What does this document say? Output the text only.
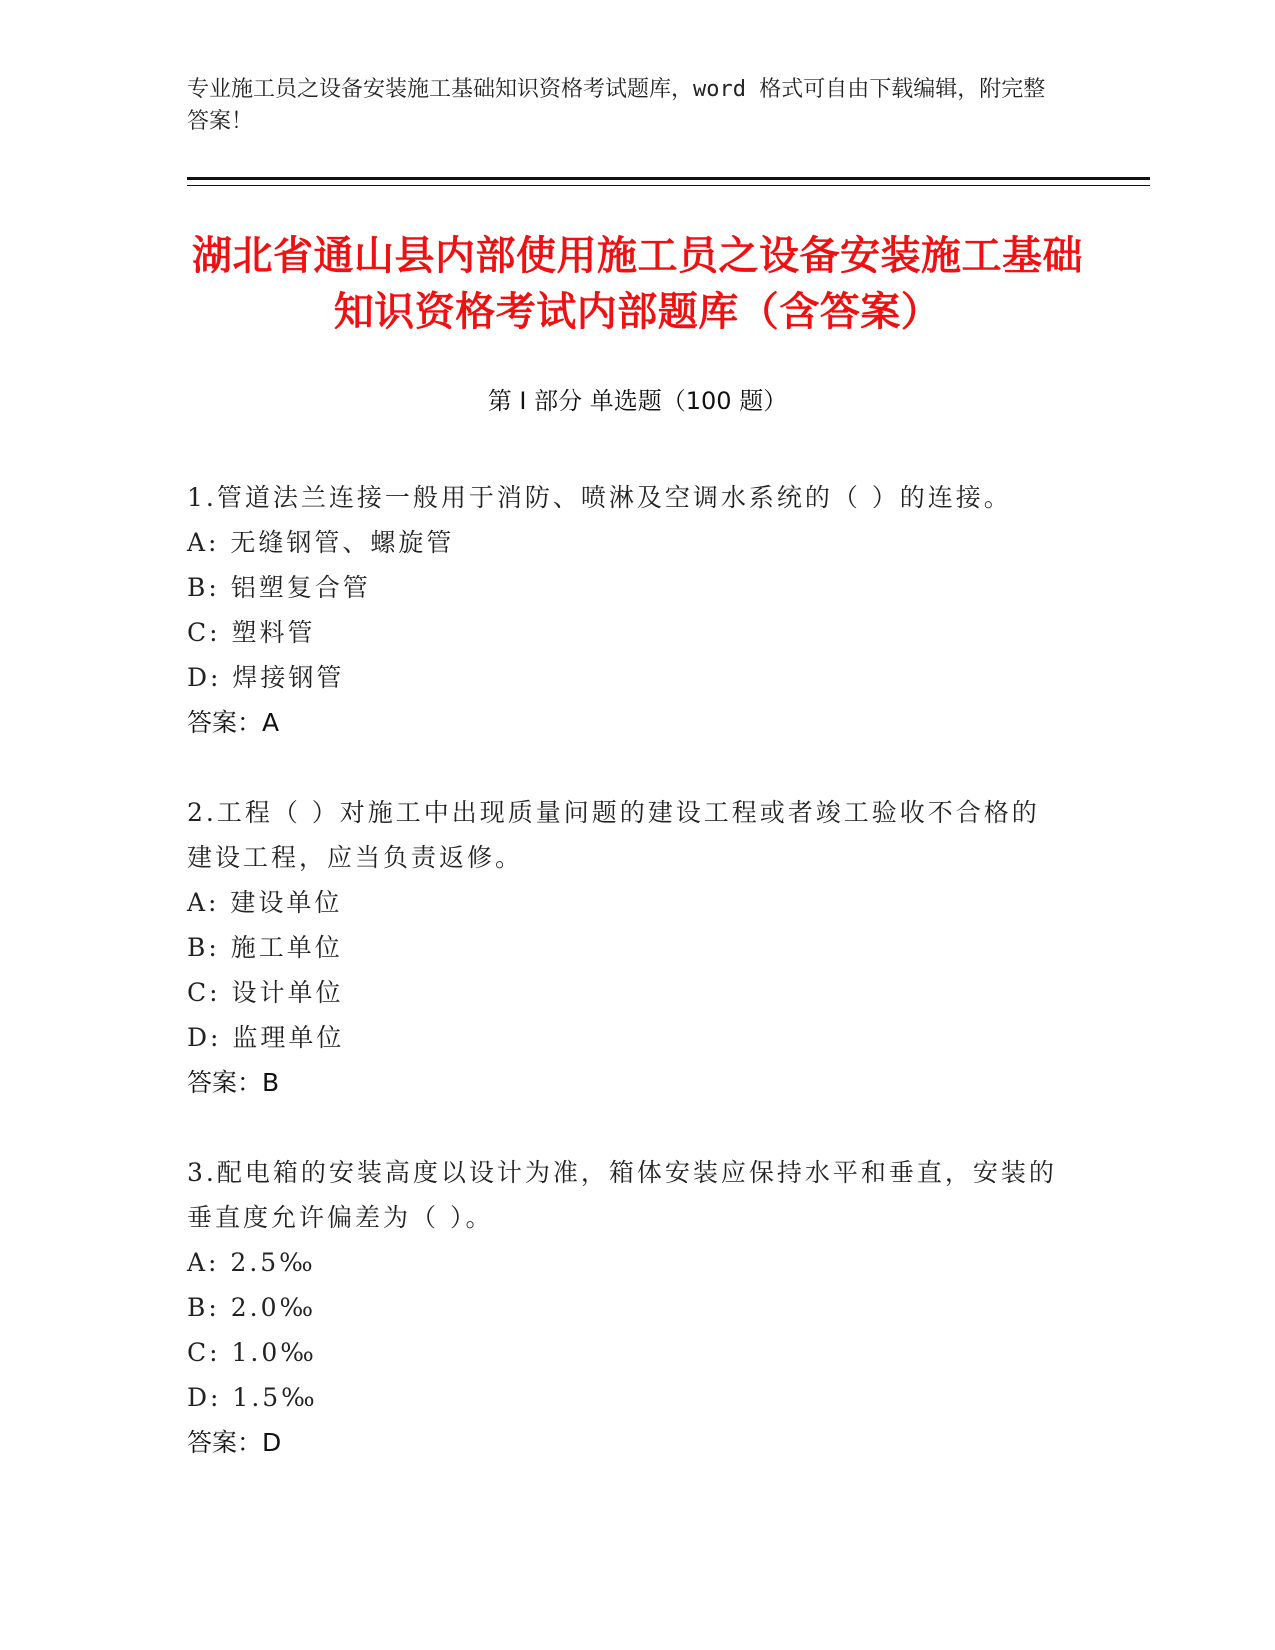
专业施工员之设备安装施工基础知识资格考试题库，word 格式可自由下载编辑，附完整答案！
湖北省通山县内部使用施工员之设备安装施工基础知识资格考试内部题库（含答案）
第 I 部分 单选题（100 题）
1.管道法兰连接一般用于消防、喷淋及空调水系统的（ ）的连接。
A: 无缝钢管、螺旋管
B: 铝塑复合管
C: 塑料管
D: 焊接钢管
答案：A
2.工程（ ）对施工中出现质量问题的建设工程或者竣工验收不合格的建设工程，应当负责返修。
A: 建设单位
B: 施工单位
C: 设计单位
D: 监理单位
答案：B
3.配电箱的安装高度以设计为准，箱体安装应保持水平和垂直，安装的垂直度允许偏差为（ ）。
A: 2.5‰
B: 2.0‰
C: 1.0‰
D: 1.5‰
答案：D
